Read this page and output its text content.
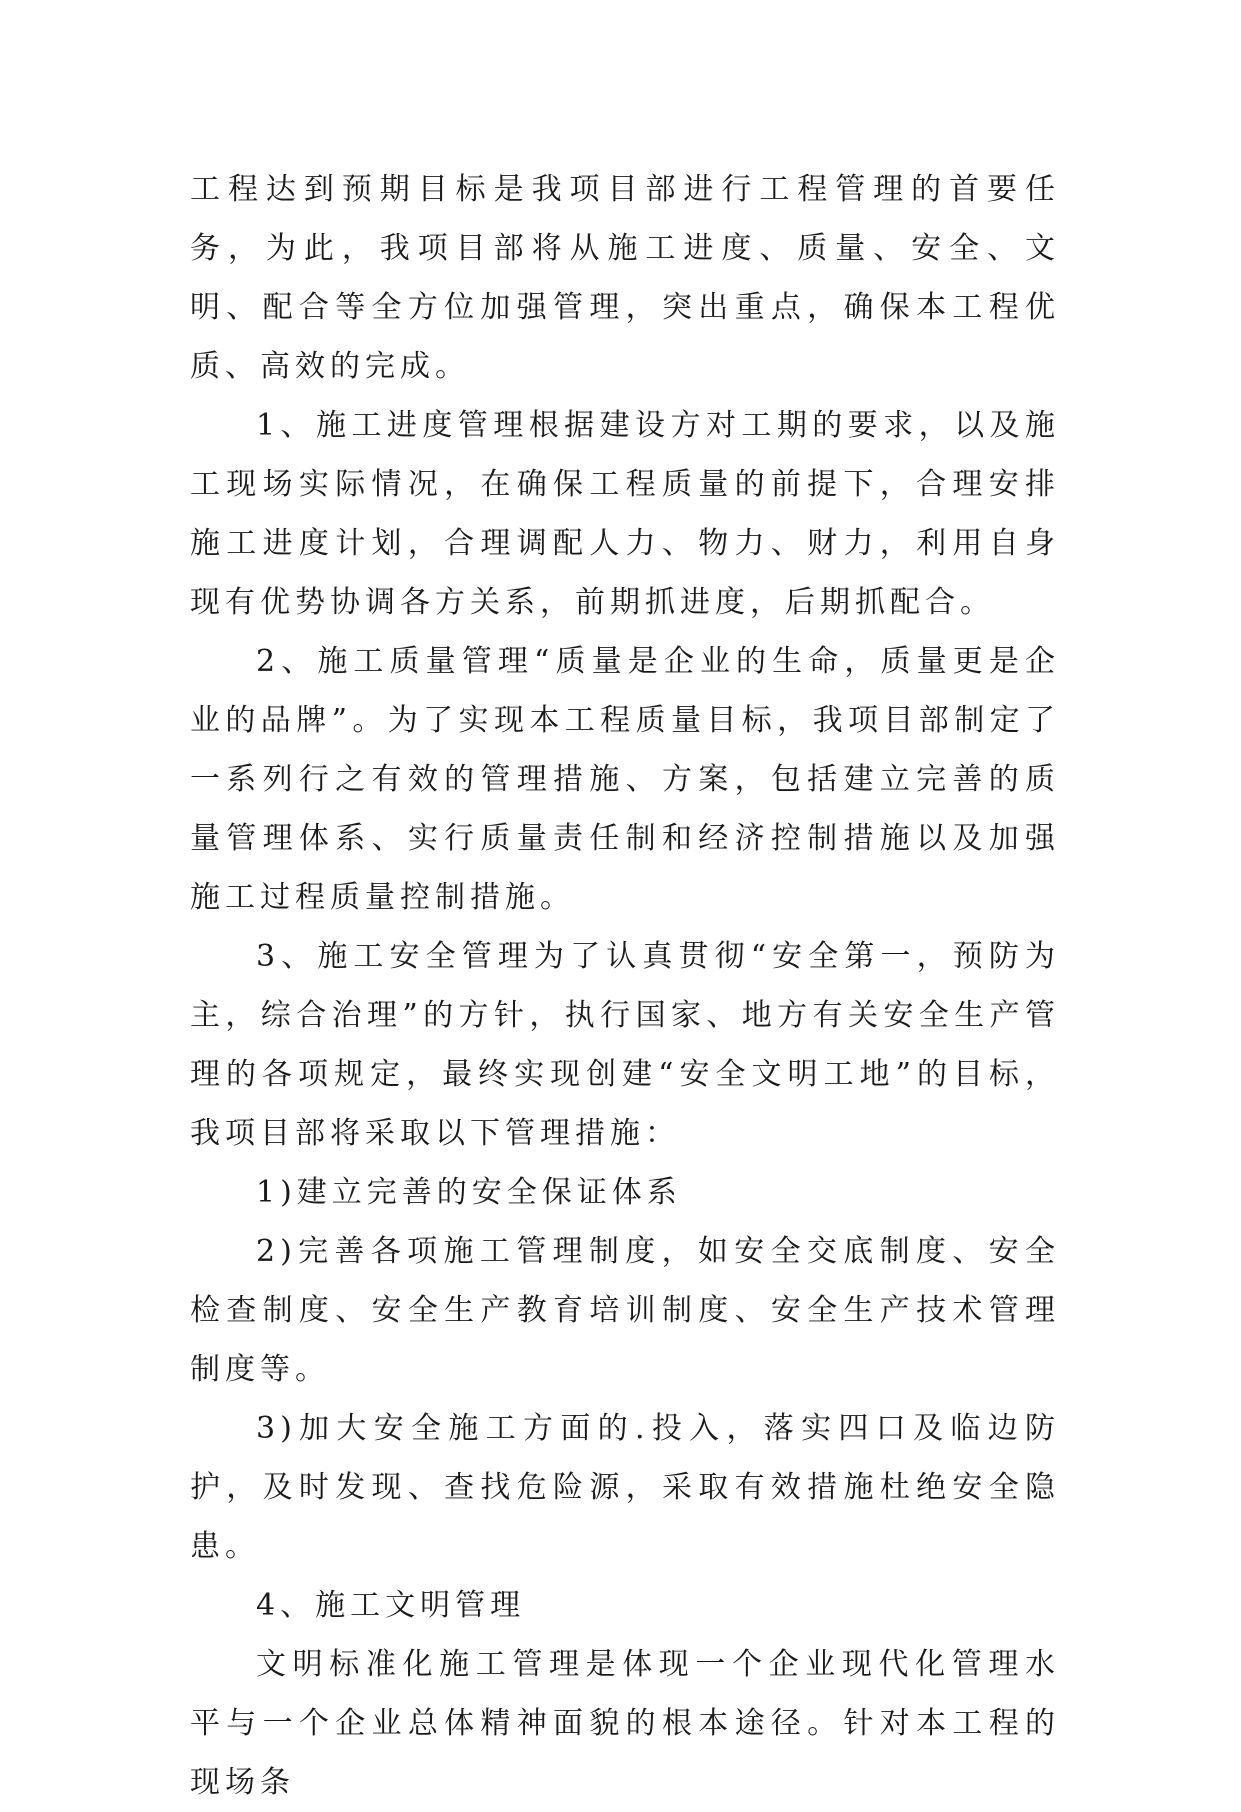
工程达到预期目标是我项目部进行工程管理的首要任务，为此，我项目部将从施工进度、质量、安全、文明、配合等全方位加强管理，突出重点，确保本工程优质、高效的完成。

1、施工进度管理根据建设方对工期的要求，以及施工现场实际情况，在确保工程质量的前提下，合理安排施工进度计划，合理调配人力、物力、财力，利用自身现有优势协调各方关系，前期抓进度，后期抓配合。

2、施工质量管理“质量是企业的生命，质量更是企业的品牌”。为了实现本工程质量目标，我项目部制定了一系列行之有效的管理措施、方案，包括建立完善的质量管理体系、实行质量责任制和经济控制措施以及加强施工过程质量控制措施。

3、施工安全管理为了认真贯彻“安全第一，预防为主，综合治理”的方针，执行国家、地方有关安全生产管理的各项规定，最终实现创建“安全文明工地”的目标，我项目部将采取以下管理措施：

1)建立完善的安全保证体系

2)完善各项施工管理制度，如安全交底制度、安全检查制度、安全生产教育培训制度、安全生产技术管理制度等。

3)加大安全施工方面的.投入，落实四口及临边防护，及时发现、查找危险源，采取有效措施杜绝安全隐患。

4、施工文明管理

文明标准化施工管理是体现一个企业现代化管理水平与一个企业总体精神面貌的根本途径。针对本工程的现场条
